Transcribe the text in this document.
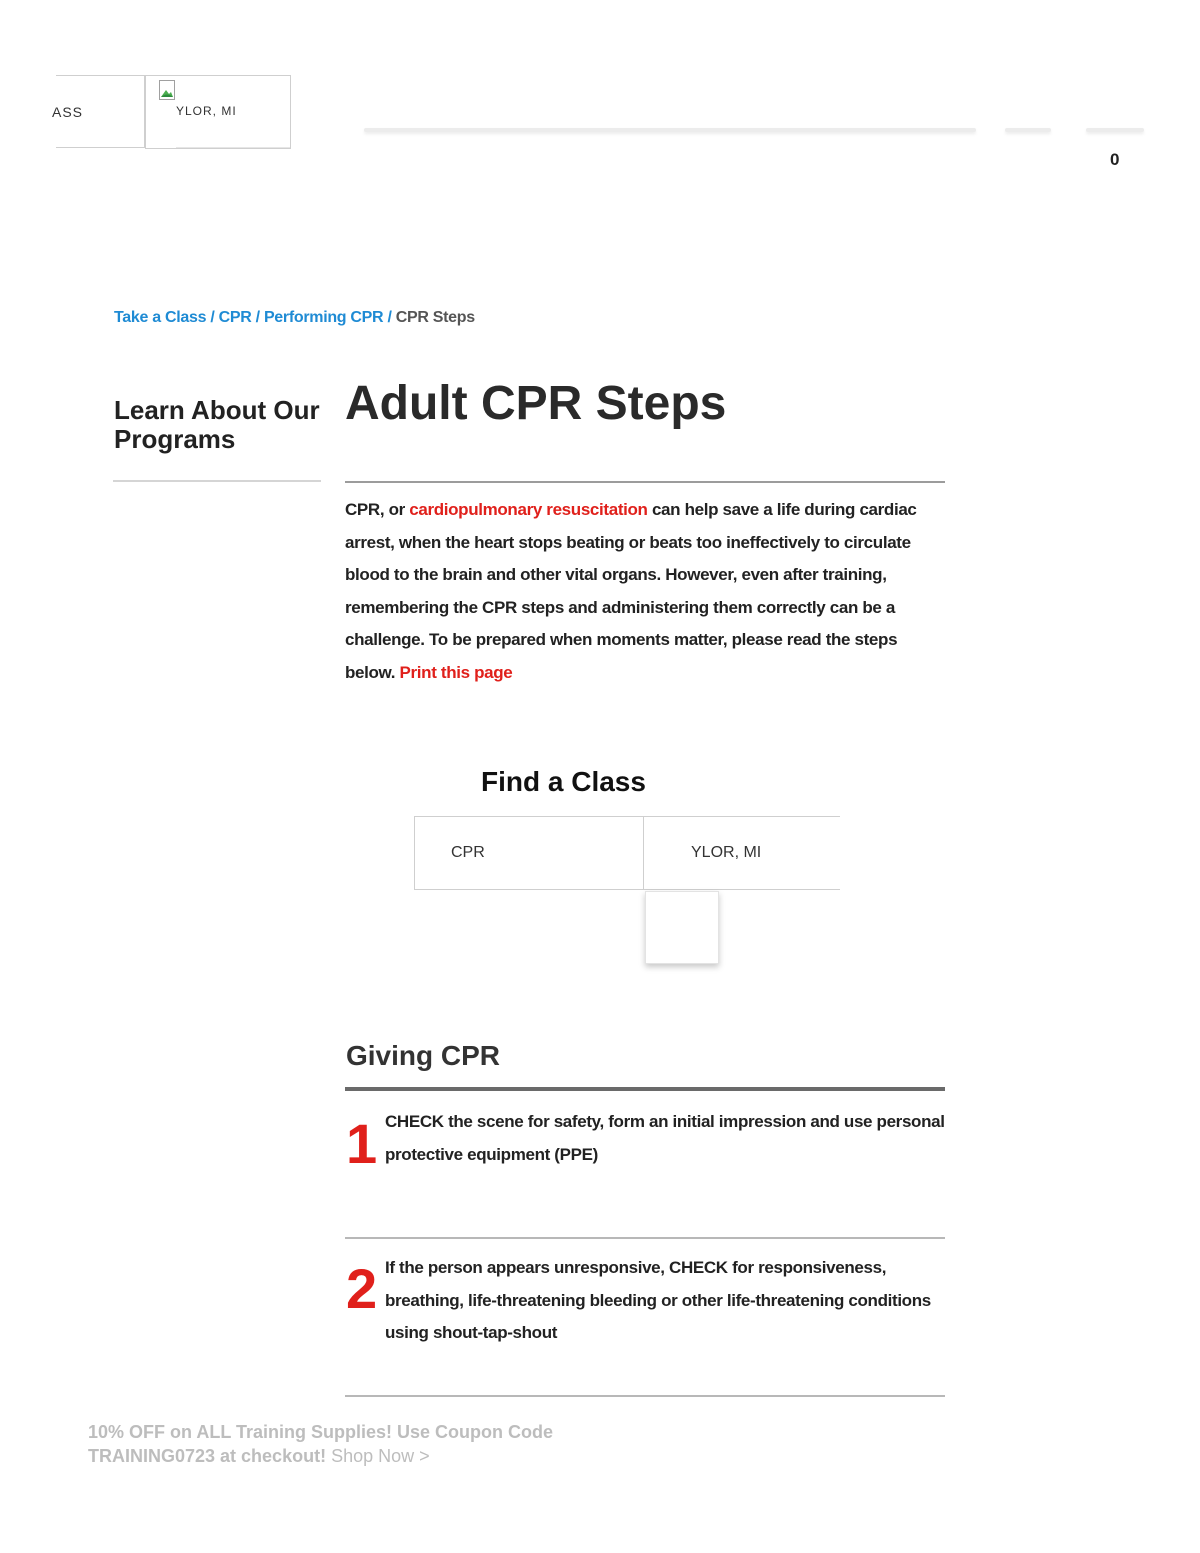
ASS	YLOR, MI
0
Take a Class / CPR / Performing CPR / CPR Steps
Learn About Our Programs
Adult CPR Steps
CPR, or cardiopulmonary resuscitation can help save a life during cardiac arrest, when the heart stops beating or beats too ineffectively to circulate blood to the brain and other vital organs. However, even after training, remembering the CPR steps and administering them correctly can be a challenge. To be prepared when moments matter, please read the steps below. Print this page
Find a Class
CPR	YLOR, MI
Giving CPR
1 CHECK the scene for safety, form an initial impression and use personal protective equipment (PPE)
2 If the person appears unresponsive, CHECK for responsiveness, breathing, life-threatening bleeding or other life-threatening conditions using shout-tap-shout
10% OFF on ALL Training Supplies! Use Coupon Code TRAINING0723 at checkout! Shop Now >
